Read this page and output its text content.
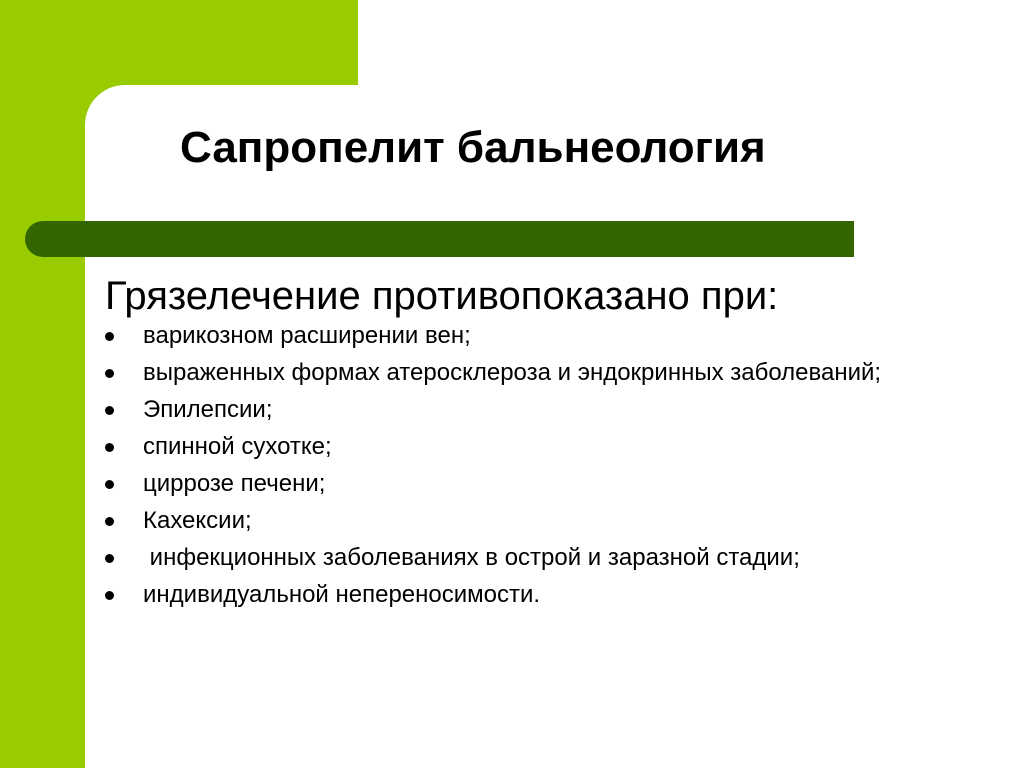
Сапропелит бальнеология
Грязелечение противопоказано при:
варикозном расширении вен;
выраженных формах атеросклероза и эндокринных заболеваний;
Эпилепсии;
спинной сухотке;
циррозе печени;
Кахексии;
инфекционных заболеваниях в острой и заразной стадии;
индивидуальной непереносимости.
